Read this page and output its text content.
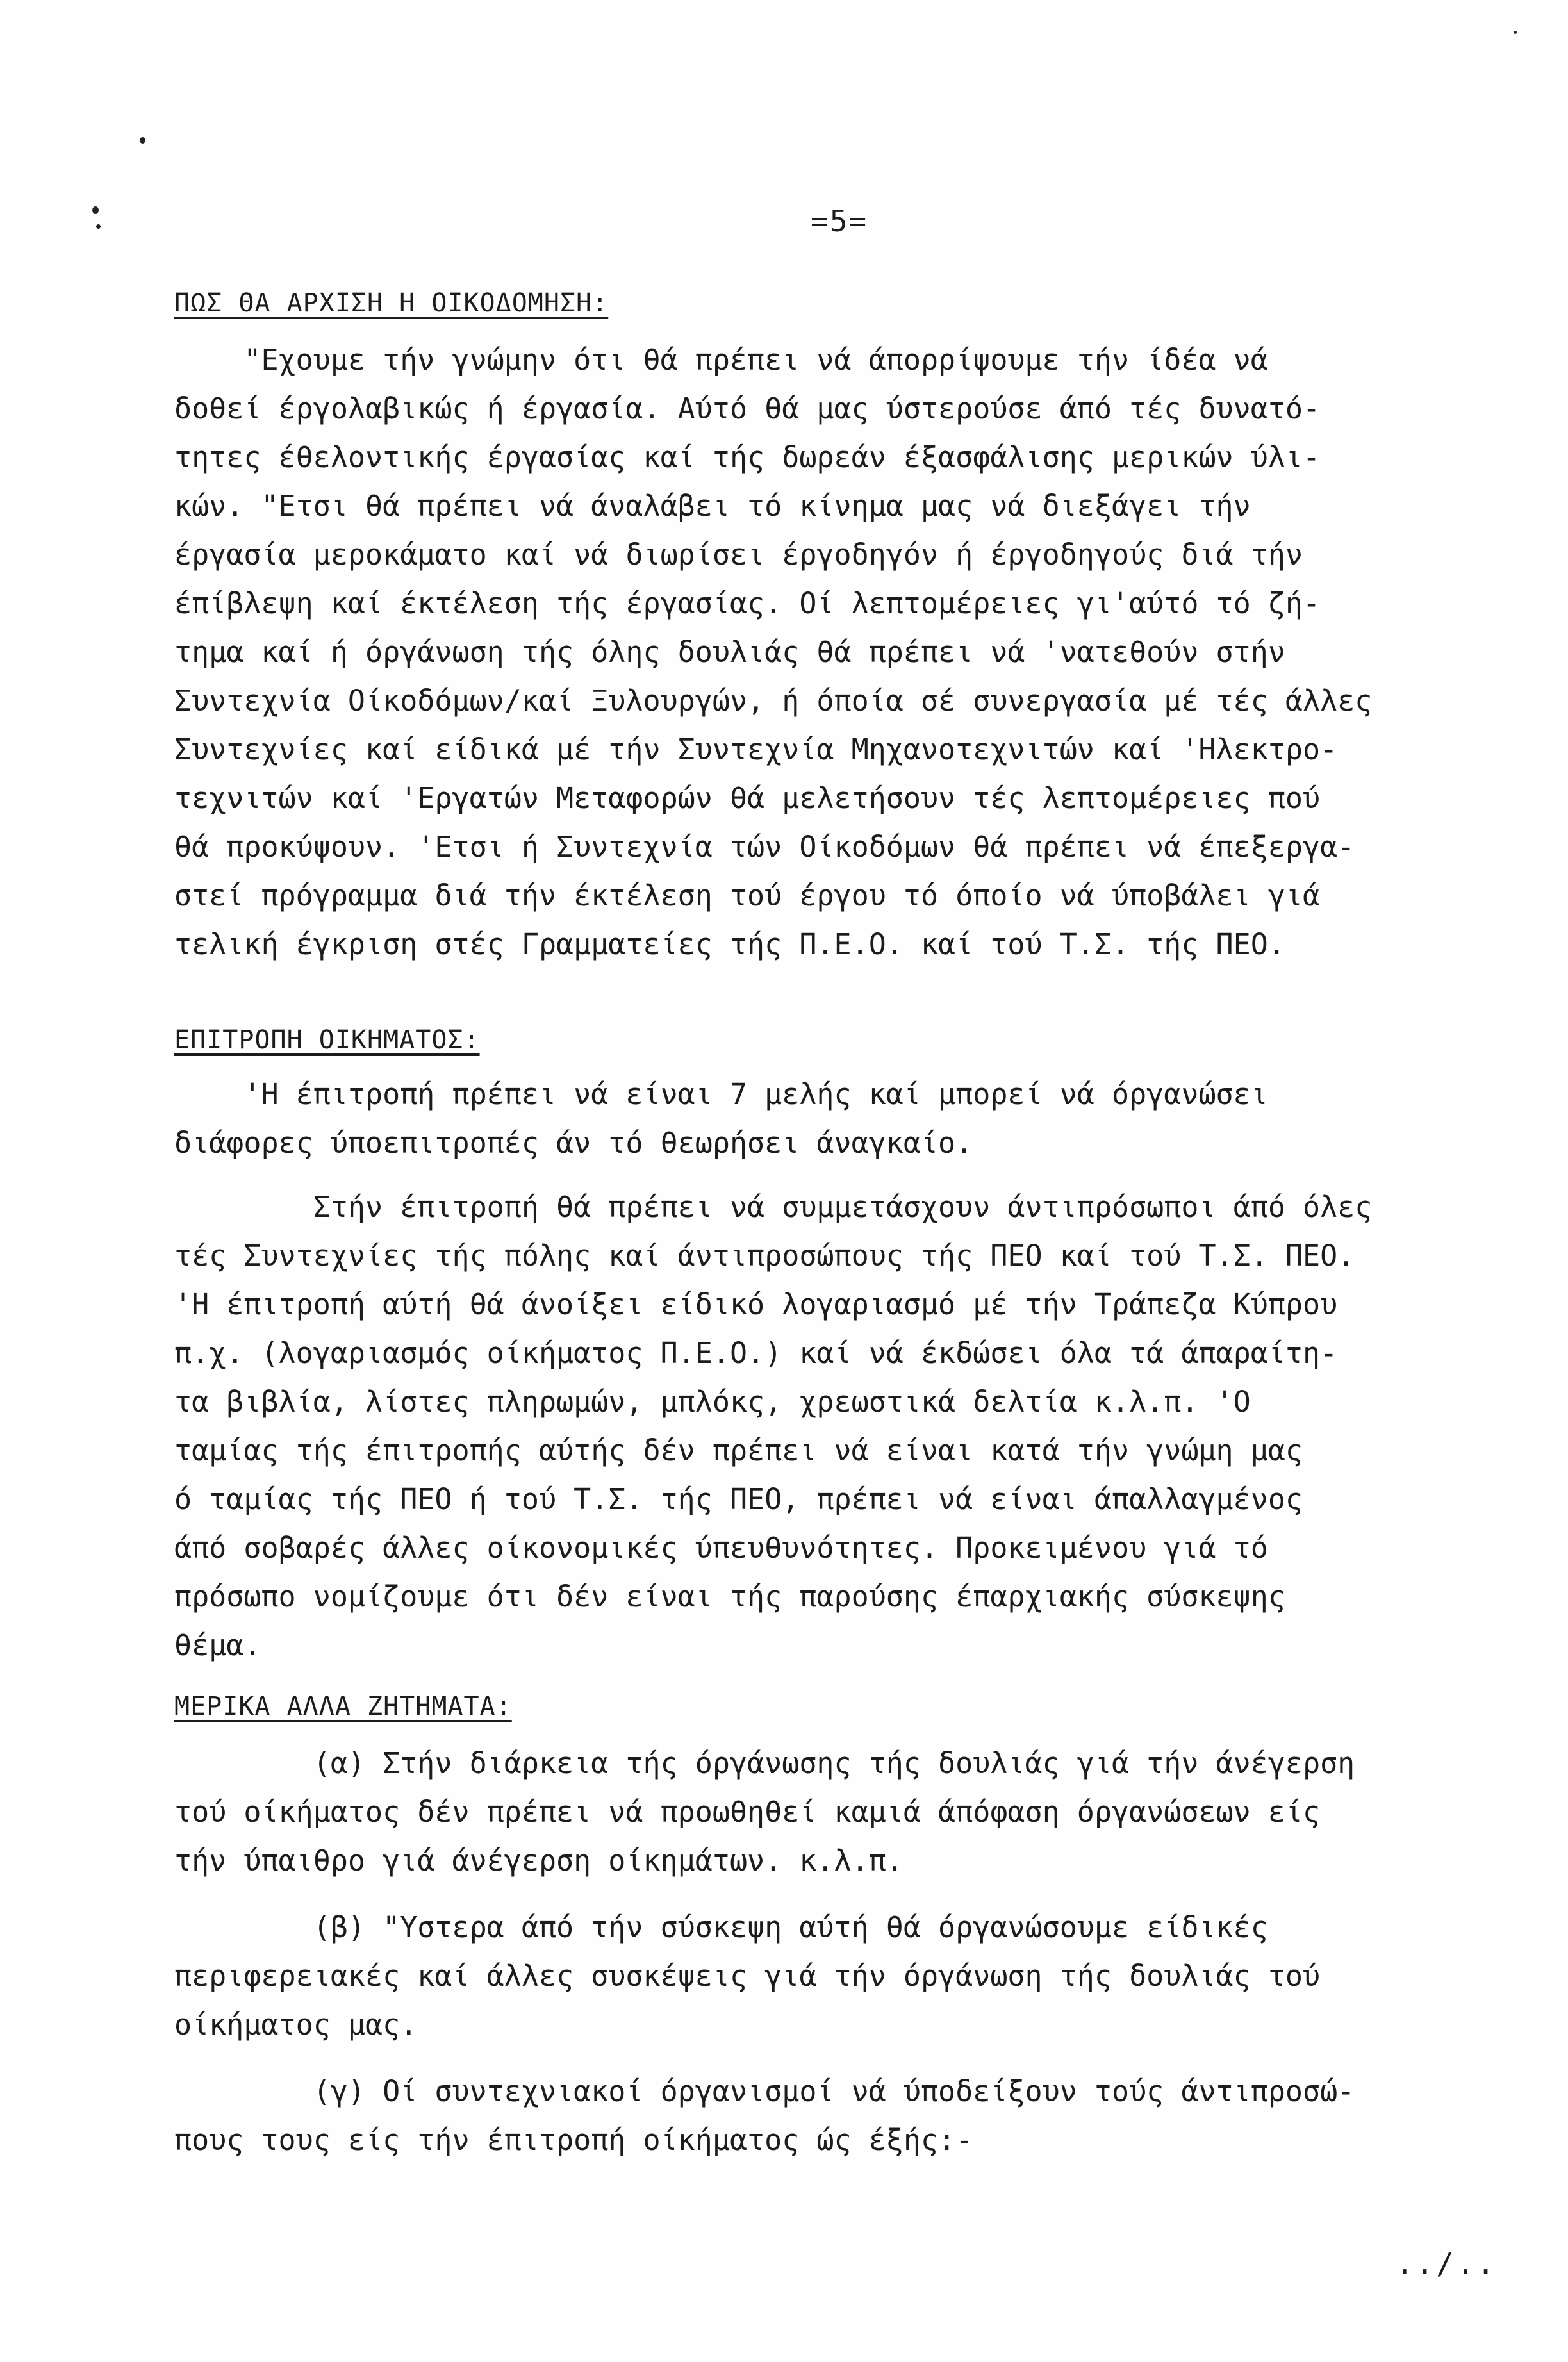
=5=
ΠΩΣ ΘΑ ΑΡΧΙΣΗ Η ΟΙΚΟΔΟΜΗΣΗ:

"Εχουμε τήν γνώμην ότι θά πρέπει νά άπορρίψουμε τήν ίδέα νά
δοθεί έργολαβικώς ή έργασία. Αύτό θά μας ύστερούσε άπό τές δυνατό-
τητες έθελοντικής έργασίας καί τής δωρεάν έξασφάλισης μερικών ύλι-
κών. "Ετσι θά πρέπει νά άναλάβει τό κίνημα μας νά διεξάγει τήν
έργασία μεροκάματο καί νά διωρίσει έργοδηγόν ή έργοδηγούς διά τήν
έπίβλεψη καί έκτέλεση τής έργασίας. Οί λεπτομέρειες γι'αύτό τό ζή-
τημα καί ή όργάνωση τής όλης δουλιάς θά πρέπει νά 'νατεθούν στήν
Συντεχνία Οίκοδόμων/καί Ξυλουργών, ή όποία σέ συνεργασία μέ τές άλλες
Συντεχνίες καί είδικά μέ τήν Συντεχνία Μηχανοτεχνιτών καί 'Ηλεκτρο-
τεχνιτών καί 'Εργατών Μεταφορών θά μελετήσουν τές λεπτομέρειες πού
θά προκύψουν. 'Ετσι ή Συντεχνία τών Οίκοδόμων θά πρέπει νά έπεξεργα-
στεί πρόγραμμα διά τήν έκτέλεση τού έργου τό όποίο νά ύποβάλει γιά
τελική έγκριση στές Γραμματείες τής Π.Ε.Ο. καί τού Τ.Σ. τής ΠΕΟ.

ΕΠΙΤΡΟΠΗ ΟΙΚΗΜΑΤΟΣ:

'Η έπιτροπή πρέπει νά είναι 7 μελής καί μπορεί νά όργανώσει
διάφορες ύποεπιτροπές άν τό θεωρήσει άναγκαίο.

Στήν έπιτροπή θά πρέπει νά συμμετάσχουν άντιπρόσωποι άπό όλες
τές Συντεχνίες τής πόλης καί άντιπροσώπους τής ΠΕΟ καί τού Τ.Σ. ΠΕΟ.
'Η έπιτροπή αύτή θά άνοίξει είδικό λογαριασμό μέ τήν Τράπεζα Κύπρου
π.χ. (λογαριασμός οίκήματος Π.Ε.Ο.) καί νά έκδώσει όλα τά άπαραίτη-
τα βιβλία, λίστες πληρωμών, μπλόκς, χρεωστικά δελτία κ.λ.π. 'Ο
ταμίας τής έπιτροπής αύτής δέν πρέπει νά είναι κατά τήν γνώμη μας
ό ταμίας τής ΠΕΟ ή τού Τ.Σ. τής ΠΕΟ, πρέπει νά είναι άπαλλαγμένος
άπό σοβαρές άλλες οίκονομικές ύπευθυνότητες. Προκειμένου γιά τό
πρόσωπο νομίζουμε ότι δέν είναι τής παρούσης έπαρχιακής σύσκεψης
θέμα.

ΜΕΡΙΚΑ ΑΛΛΑ ΖΗΤΗΜΑΤΑ:

(α) Στήν διάρκεια τής όργάνωσης τής δουλιάς γιά τήν άνέγερση
τού οίκήματος δέν πρέπει νά προωθηθεί καμιά άπόφαση όργανώσεων είς
τήν ύπαιθρο γιά άνέγερση οίκημάτων. κ.λ.π.

(β) "Υστερα άπό τήν σύσκεψη αύτή θά όργανώσουμε είδικές
περιφερειακές καί άλλες συσκέψεις γιά τήν όργάνωση τής δουλιάς τού
οίκήματος μας.

(γ) Οί συντεχνιακοί όργανισμοί νά ύποδείξουν τούς άντιπροσώ-
πους τους είς τήν έπιτροπή οίκήματος ώς έξής:-

../..
